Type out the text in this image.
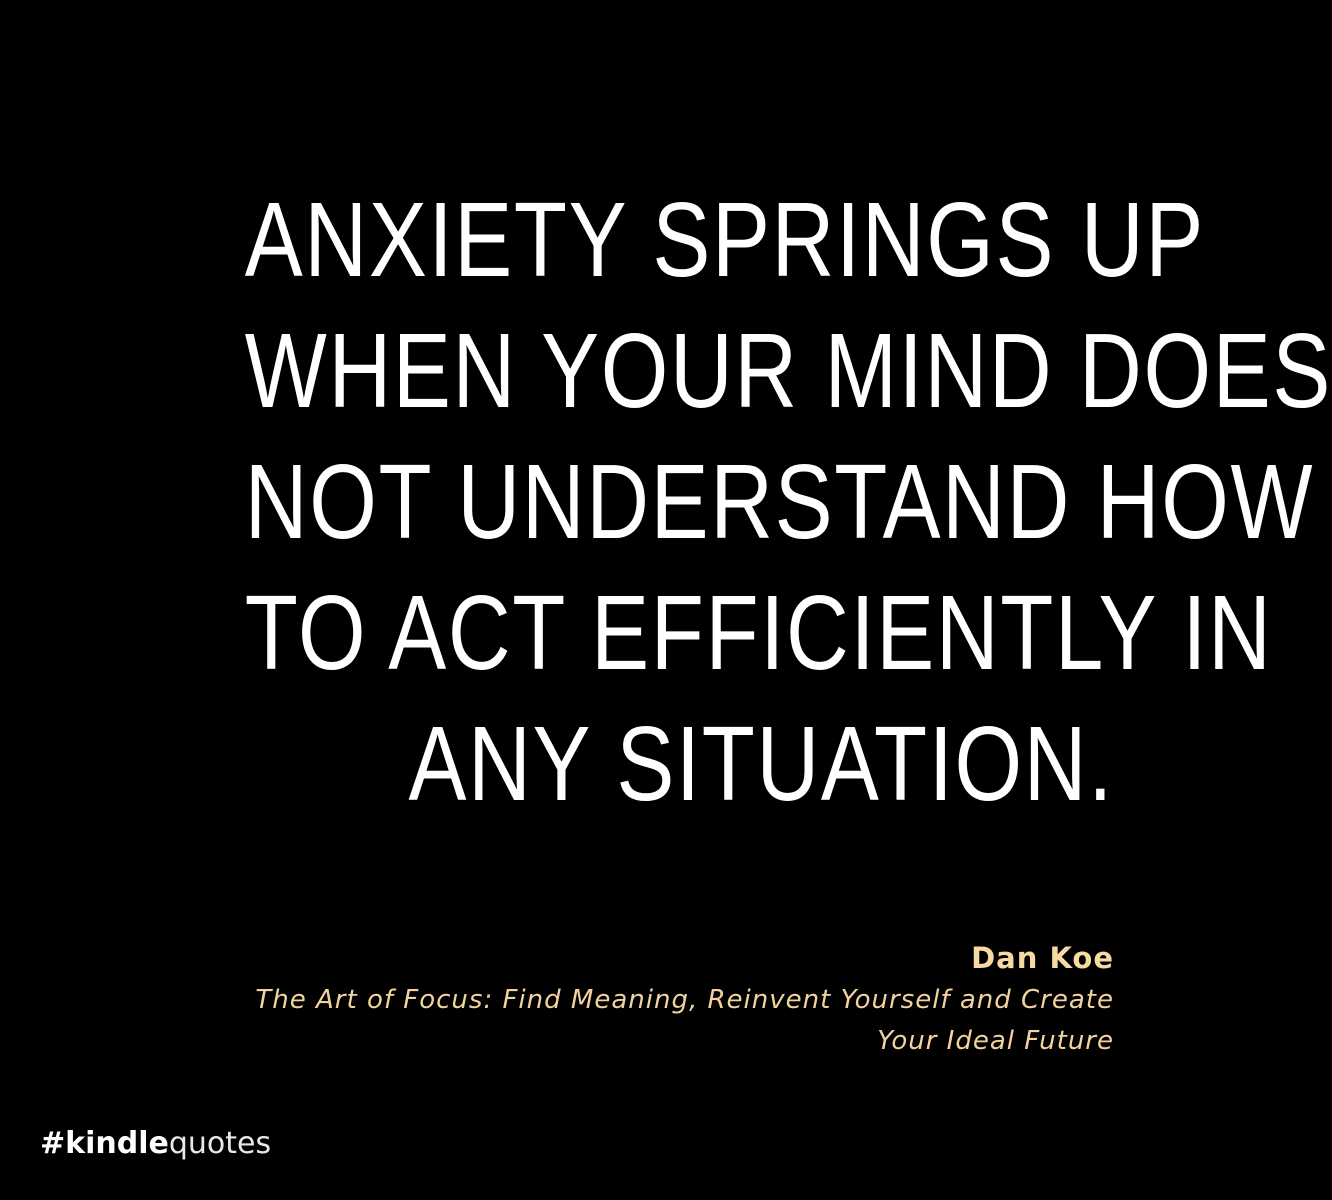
ANXIETY SPRINGS UP
WHEN YOUR MIND DOES
NOT UNDERSTAND HOW
TO ACT EFFICIENTLY IN
ANY SITUATION.
Dan Koe
The Art of Focus: Find Meaning, Reinvent Yourself and Create
Your Ideal Future
#kindlequotes
